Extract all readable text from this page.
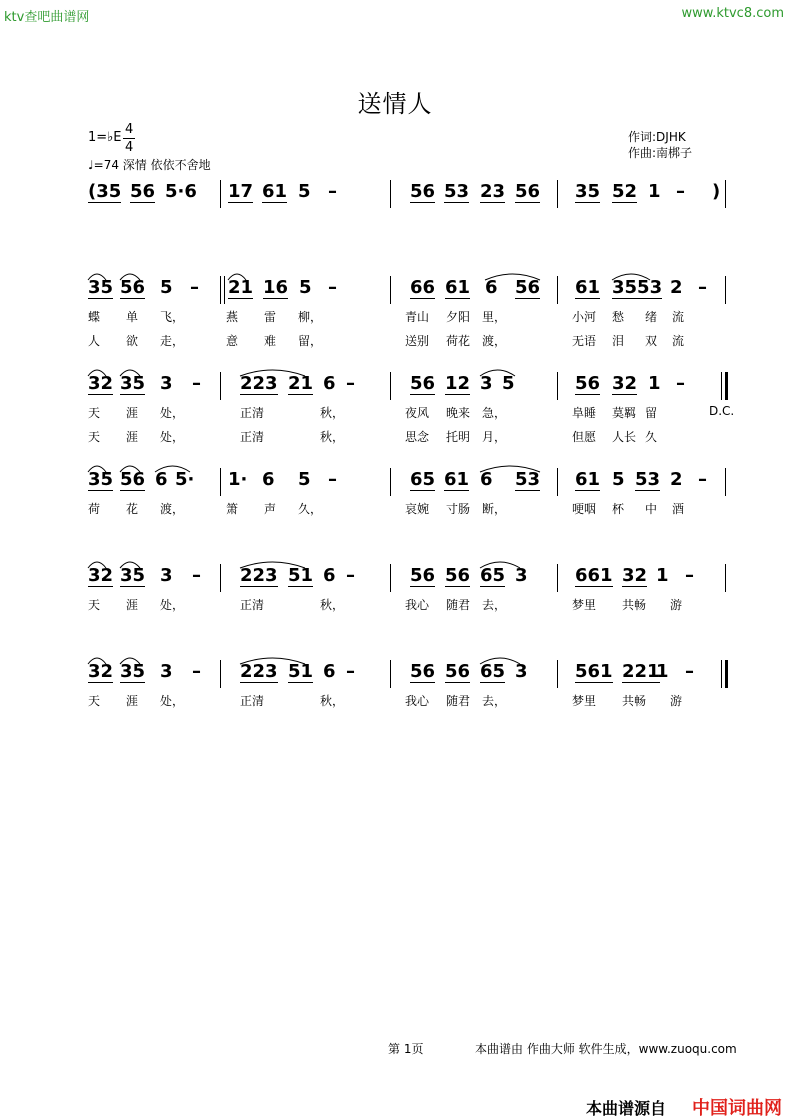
ktv查吧曲谱网	www.ktvc8.com
送情人
1=♭E
4
4
♩=74 深情 依依不舍地
作词:DJHK
作曲:南梆子
(35 56 5·6 17 61 5 –	56 53 23 56 35 52 1 – )
35 56 5 – 21 16 5 –	66 61 6 56 61 3553 2 –
蝶 单 飞，	燕 雷 柳，	青山 夕阳 里，	小河 愁 绪 流
人 欲 走，	意 难 留，	送别 荷花 渡，	无语 泪 双 流
32 35 3 – 223 21 6 –	56 12 3 5	56 32 1 –
天 涯 处，	正清	秋，	夜风 晚来 急，	阜睡 莫羁 留
天 涯 处，	正清	秋，	思念 托明 月，	但愿 人长 久
D.C.
35 56 6 5· 1· 6 5 –	65 61 6 53 61 5 53 2 –
荷 花 渡，	箫 声 久，	哀婉 寸肠 断，	哽咽 杯 中 酒
32 35 3 – 223 51 6 –	56 56 65 3	661 32 1 –
天 涯 处，	正清	秋，	我心 随君 去，	梦里 共畅 游
32 35 3 – 223 51 6 –	56 56 65 3	561 221
1 –
天 涯 处，	正清	秋，	我心 随君 去，	梦里 共畅 游
第 1页	本曲谱由 作曲大师 软件生成，www.zuoqu.com
本曲谱源自 中国词曲网
